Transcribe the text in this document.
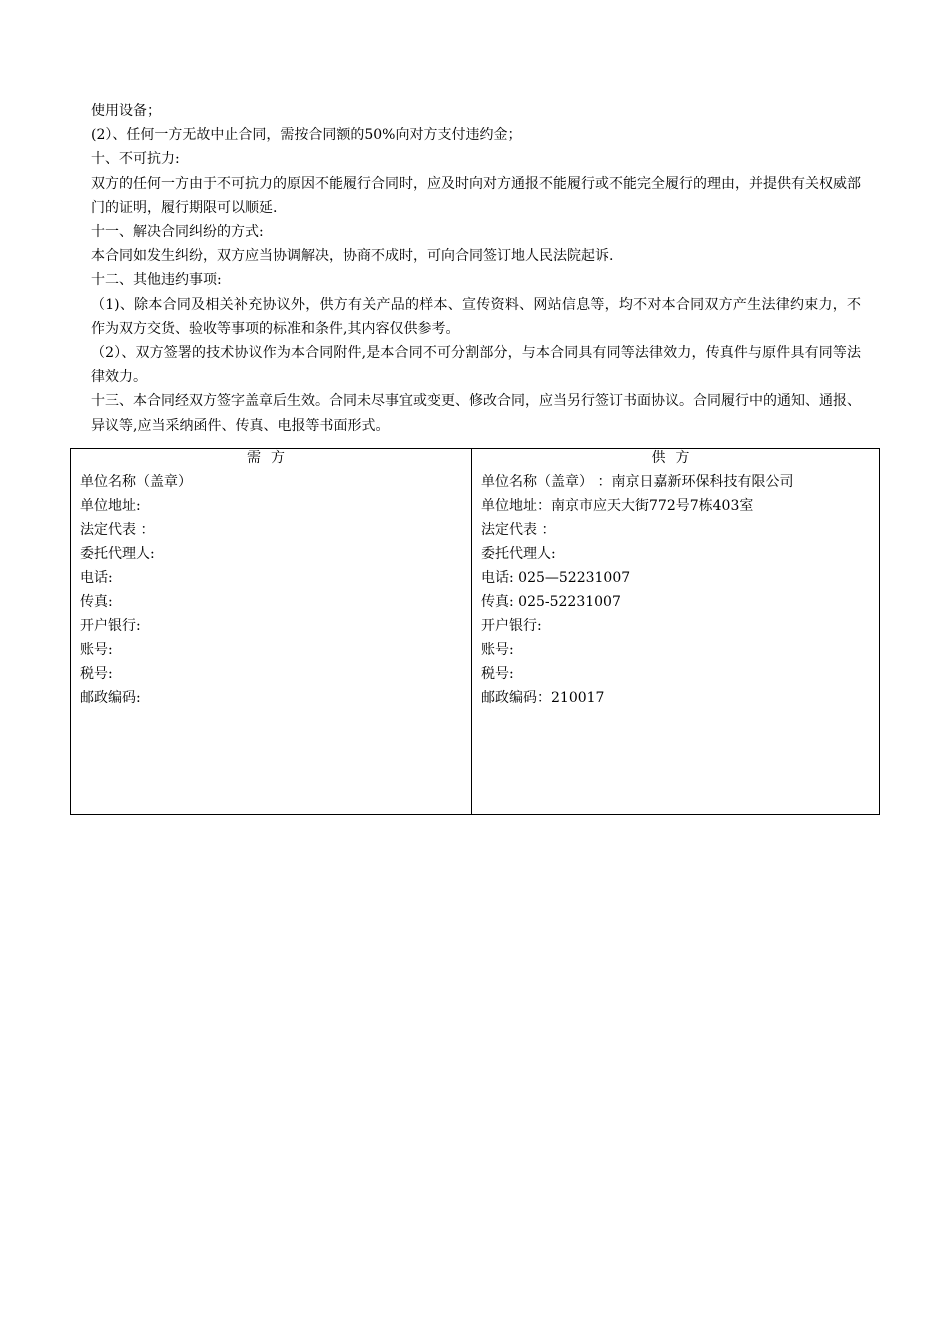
使用设备；

(2）、任何一方无故中止合同，需按合同额的50%向对方支付违约金；

十、不可抗力:

双方的任何一方由于不可抗力的原因不能履行合同时，应及时向对方通报不能履行或不能完全履行的理由，并提供有关权威部门的证明，履行期限可以顺延.

十一、解决合同纠纷的方式:

本合同如发生纠纷，双方应当协调解决，协商不成时，可向合同签订地人民法院起诉.

十二、其他违约事项:

（1)、除本合同及相关补充协议外，供方有关产品的样本、宣传资料、网站信息等，均不对本合同双方产生法律约束力，不作为双方交货、验收等事项的标准和条件,其内容仅供参考。

（2）、双方签署的技术协议作为本合同附件,是本合同不可分割部分，与本合同具有同等法律效力，传真件与原件具有同等法律效力。

十三、本合同经双方签字盖章后生效。合同未尽事宜或变更、修改合同，应当另行签订书面协议。合同履行中的通知、通报、异议等,应当采纳函件、传真、电报等书面形式。

需方
单位名称（盖章）
单位地址:
法定代表 ：
委托代理人:
电话:
传真:
开户银行:
账号:
税号:
邮政编码:
供方
单位名称（盖章） ：南京日嘉新环保科技有限公司
单位地址：南京市应天大街772号7栋403室
法定代表 ：
委托代理人:
电话: 025—52231007
传真: 025-52231007
开户银行:
账号:
税号:
邮政编码：210017
